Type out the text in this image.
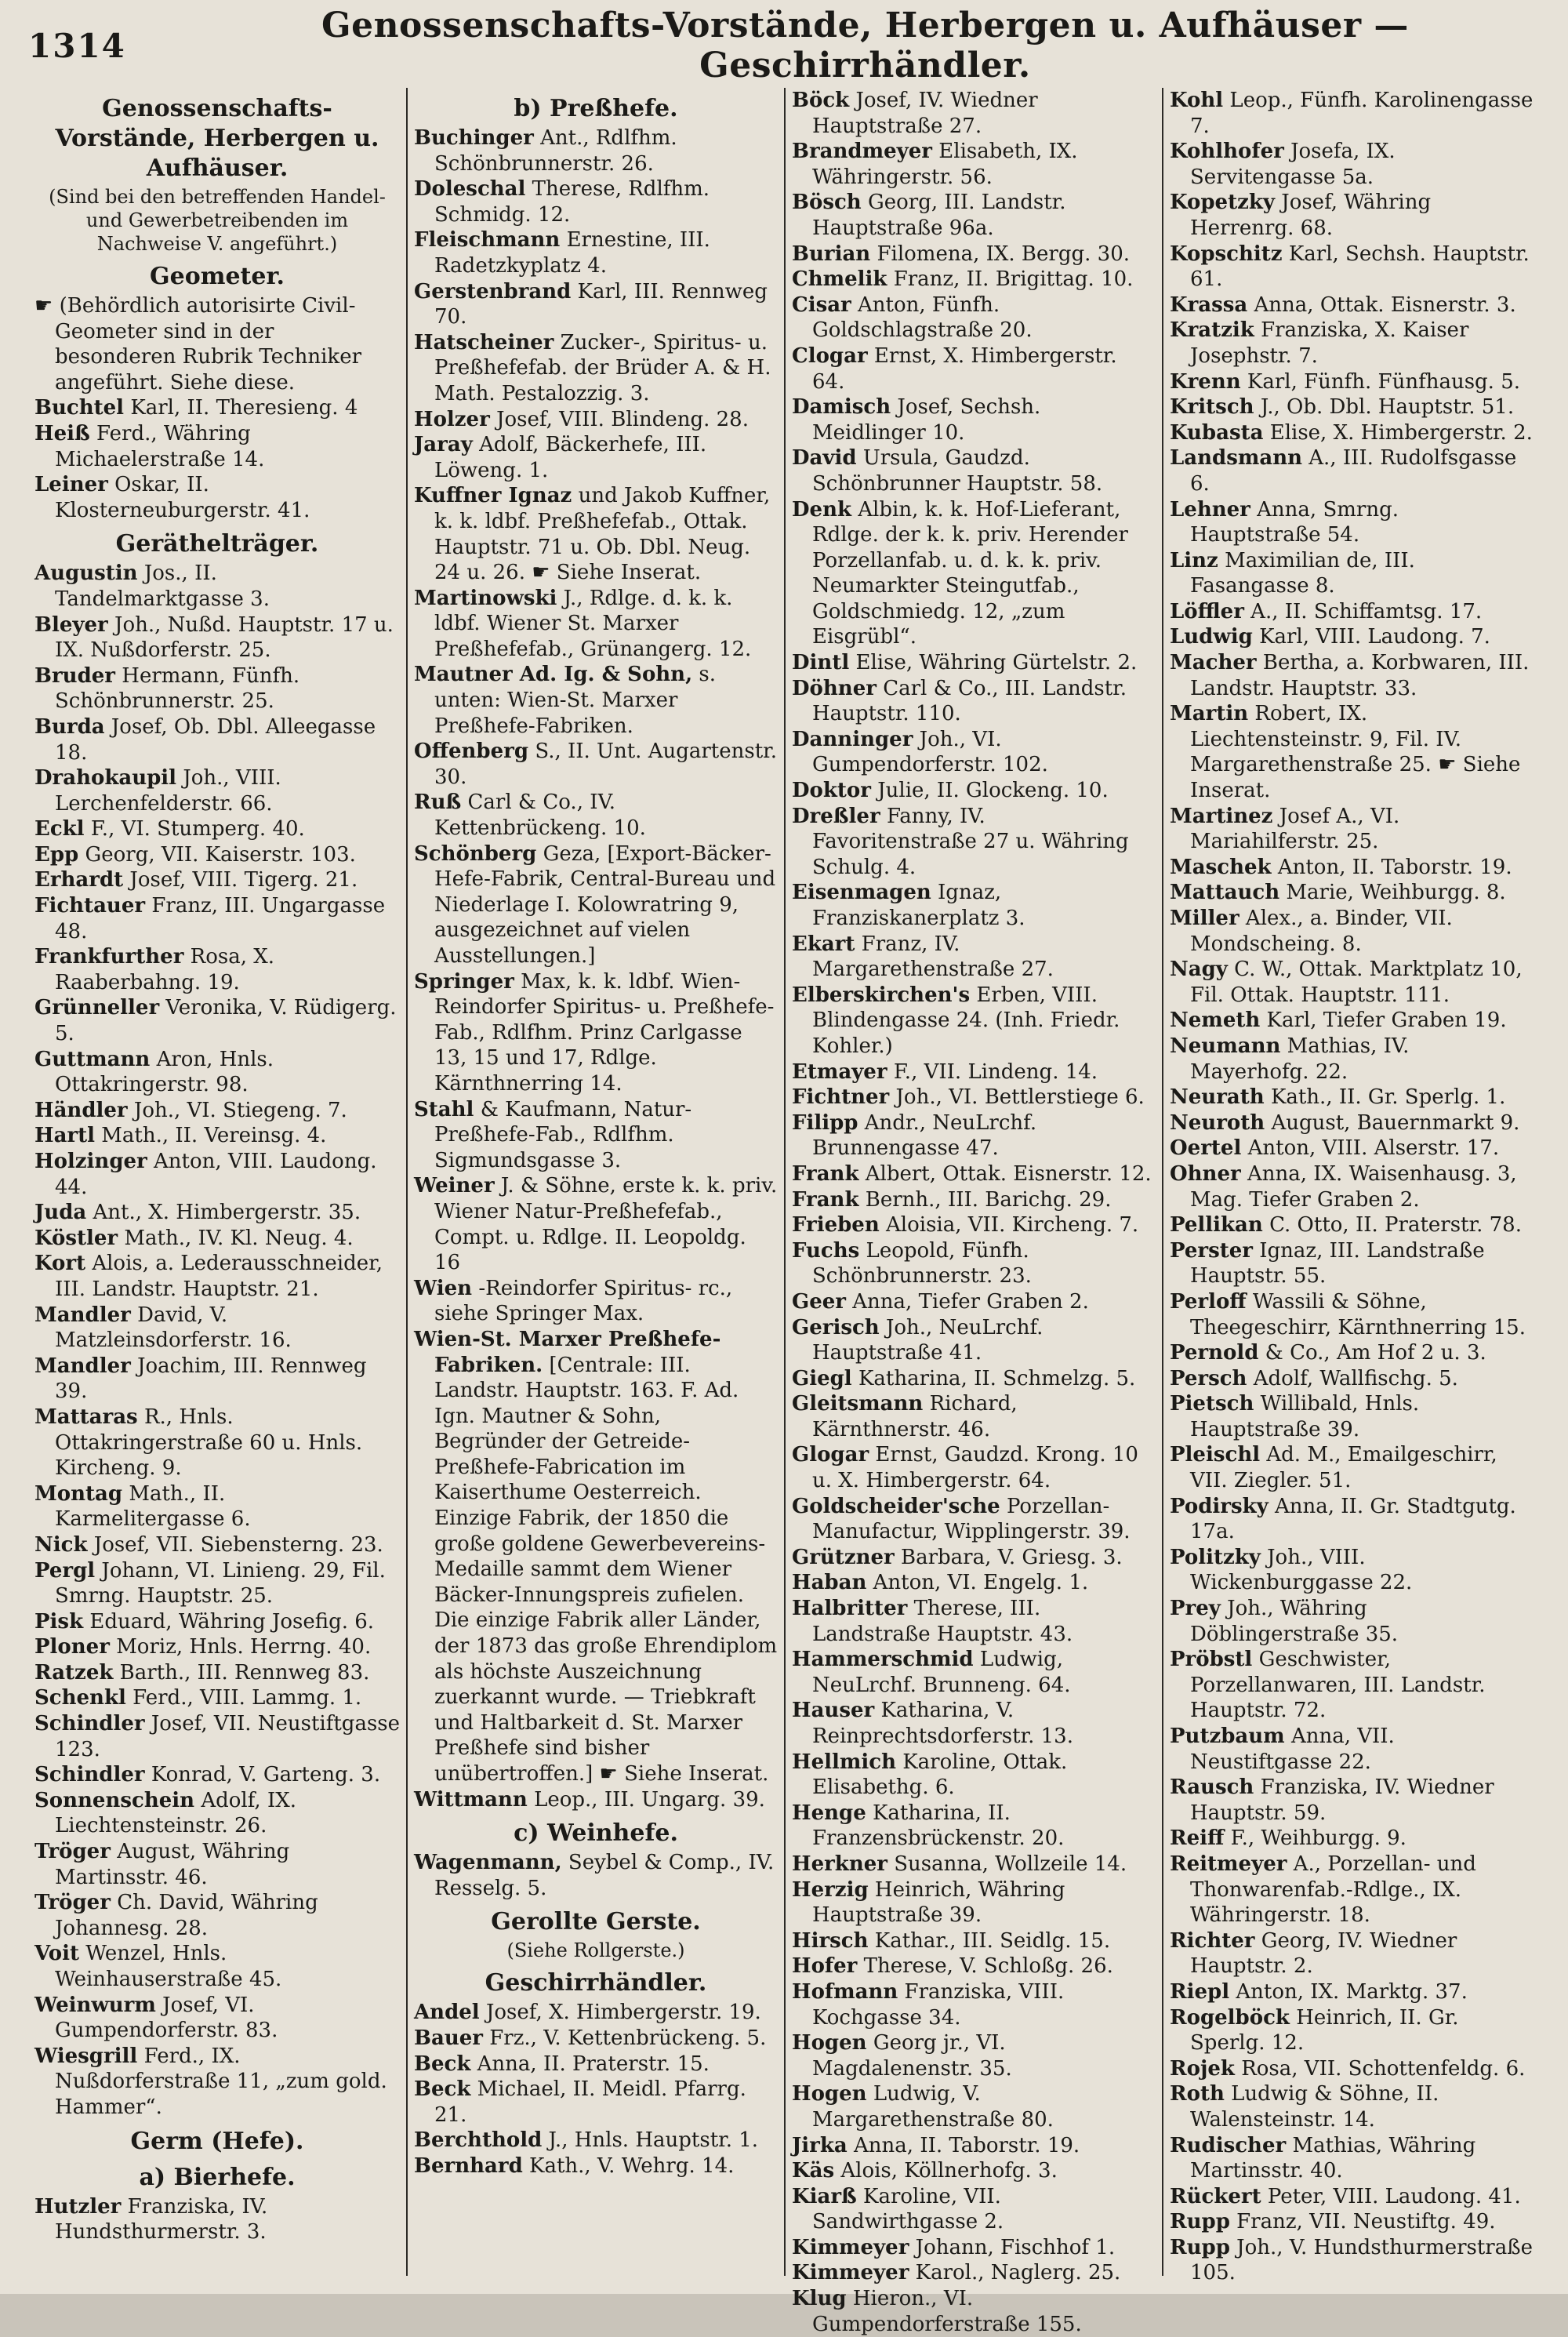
1314	Genossenschafts-Vorstände, Herbergen u. Aufhäuser — Geschirrhändler.
Genossenschafts-Vorstände, Herbergen u. Aufhäuser.
(Sind bei den betreffenden Handel- und Gewerbetreibenden im Nachweise V. angeführt.)
Geometer.
☛ (Behördlich autorisirte Civil-Geometer sind in der besonderen Rubrik Techniker angeführt. Siehe diese.
Buchtel Karl, II. Theresieng. 4
Heiß Ferd., Währing Michaelerstraße 14.
Leiner Oskar, II. Klosterneuburgerstr. 41.
Geräthelträger.
Augustin Jos., II. Tandelmarktgasse 3.
Bleyer Joh., Nußd. Hauptstr. 17 u. IX. Nußdorferstr. 25.
Bruder Hermann, Fünfh. Schönbrunnerstr. 25.
Burda Josef, Ob. Dbl. Alleegasse 18.
Drahokaupil Joh., VIII. Lerchenfelderstr. 66.
Eckl F., VI. Stumperg. 40.
Epp Georg, VII. Kaiserstr. 103.
Erhardt Josef, VIII. Tigerg. 21.
Fichtauer Franz, III. Ungargasse 48.
Frankfurther Rosa, X. Raaberbahng. 19.
Grünneller Veronika, V. Rüdigerg. 5.
Guttmann Aron, Hnls. Ottakringerstr. 98.
Händler Joh., VI. Stiegeng. 7.
Hartl Math., II. Vereinsg. 4.
Holzinger Anton, VIII. Laudong. 44.
Juda Ant., X. Himbergerstr. 35.
Köstler Math., IV. Kl. Neug. 4.
Kort Alois, a. Lederausschneider, III. Landstr. Hauptstr. 21.
Mandler David, V. Matzleinsdorferstr. 16.
Mandler Joachim, III. Rennweg 39.
Mattaras R., Hnls. Ottakringerstraße 60 u. Hnls. Kircheng. 9.
Montag Math., II. Karmelitergasse 6.
Nick Josef, VII. Siebensterng. 23.
Pergl Johann, VI. Linieng. 29, Fil. Smrng. Hauptstr. 25.
Pisk Eduard, Währing Josefig. 6.
Ploner Moriz, Hnls. Herrng. 40.
Ratzek Barth., III. Rennweg 83.
Schenkl Ferd., VIII. Lammg. 1.
Schindler Josef, VII. Neustiftgasse 123.
Schindler Konrad, V. Garteng. 3.
Sonnenschein Adolf, IX. Liechtensteinstr. 26.
Tröger August, Währing Martinsstr. 46.
Tröger Ch. David, Währing Johannesg. 28.
Voit Wenzel, Hnls. Weinhauserstraße 45.
Weinwurm Josef, VI. Gumpendorferstr. 83.
Wiesgrill Ferd., IX. Nußdorferstraße 11, „zum gold. Hammer“.
Germ (Hefe).
a) Bierhefe.
Hutzler Franziska, IV. Hundsthurmerstr. 3.
b) Preßhefe.
Buchinger Ant., Rdlfhm. Schönbrunnerstr. 26.
Doleschal Therese, Rdlfhm. Schmidg. 12.
Fleischmann Ernestine, III. Radetzkyplatz 4.
Gerstenbrand Karl, III. Rennweg 70.
Hatscheiner Zucker-, Spiritus- u. Preßhefefab. der Brüder A. & H. Math. Pestalozzig. 3.
Holzer Josef, VIII. Blindeng. 28.
Jaray Adolf, Bäckerhefe, III. Löweng. 1.
Kuffner Ignaz und Jakob Kuffner, k. k. ldbf. Preßhefefab., Ottak. Hauptstr. 71 u. Ob. Dbl. Neug. 24 u. 26. ☛ Siehe Inserat.
Martinowski J., Rdlge. d. k. k. ldbf. Wiener St. Marxer Preßhefefab., Grünangerg. 12.
Mautner Ad. Ig. & Sohn, s. unten: Wien-St. Marxer Preßhefe-Fabriken.
Offenberg S., II. Unt. Augartenstr. 30.
Ruß Carl & Co., IV. Kettenbrückeng. 10.
Schönberg Geza, [Export-Bäcker-Hefe-Fabrik, Central-Bureau und Niederlage I. Kolowratring 9, ausgezeichnet auf vielen Ausstellungen.]
Springer Max, k. k. ldbf. Wien-Reindorfer Spiritus- u. Preßhefe-Fab., Rdlfhm. Prinz Carlgasse 13, 15 und 17, Rdlge. Kärnthnerring 14.
Stahl & Kaufmann, Natur-Preßhefe-Fab., Rdlfhm. Sigmundsgasse 3.
Weiner J. & Söhne, erste k. k. priv. Wiener Natur-Preßhefefab., Compt. u. Rdlge. II. Leopoldg. 16
Wien -Reindorfer Spiritus- rc., siehe Springer Max.
Wien-St. Marxer Preßhefe-Fabriken. [Centrale: III. Landstr. Hauptstr. 163. F. Ad. Ign. Mautner & Sohn, Begründer der Getreide-Preßhefe-Fabrication im Kaiserthume Oesterreich. Einzige Fabrik, der 1850 die große goldene Gewerbevereins-Medaille sammt dem Wiener Bäcker-Innungspreis zufielen. Die einzige Fabrik aller Länder, der 1873 das große Ehrendiplom als höchste Auszeichnung zuerkannt wurde. — Triebkraft und Haltbarkeit d. St. Marxer Preßhefe sind bisher unübertroffen.] ☛ Siehe Inserat.
Wittmann Leop., III. Ungarg. 39.
c) Weinhefe.
Wagenmann, Seybel & Comp., IV. Resselg. 5.
Gerollte Gerste.
(Siehe Rollgerste.)
Geschirrhändler.
Andel Josef, X. Himbergerstr. 19.
Bauer Frz., V. Kettenbrückeng. 5.
Beck Anna, II. Praterstr. 15.
Beck Michael, II. Meidl. Pfarrg. 21.
Berchthold J., Hnls. Hauptstr. 1.
Bernhard Kath., V. Wehrg. 14.
Böck Josef, IV. Wiedner Hauptstraße 27.
Brandmeyer Elisabeth, IX. Währingerstr. 56.
Bösch Georg, III. Landstr. Hauptstraße 96a.
Burian Filomena, IX. Bergg. 30.
Chmelik Franz, II. Brigittag. 10.
Cisar Anton, Fünfh. Goldschlagstraße 20.
Clogar Ernst, X. Himbergerstr. 64.
Damisch Josef, Sechsh. Meidlinger 10.
David Ursula, Gaudzd. Schönbrunner Hauptstr. 58.
Denk Albin, k. k. Hof-Lieferant, Rdlge. der k. k. priv. Herender Porzellanfab. u. d. k. k. priv. Neumarkter Steingutfab., Goldschmiedg. 12, „zum Eisgrübl“.
Dintl Elise, Währing Gürtelstr. 2.
Döhner Carl & Co., III. Landstr. Hauptstr. 110.
Danninger Joh., VI. Gumpendorferstr. 102.
Doktor Julie, II. Glockeng. 10.
Dreßler Fanny, IV. Favoritenstraße 27 u. Währing Schulg. 4.
Eisenmagen Ignaz, Franziskanerplatz 3.
Ekart Franz, IV. Margarethenstraße 27.
Elberskirchen's Erben, VIII. Blindengasse 24. (Inh. Friedr. Kohler.)
Etmayer F., VII. Lindeng. 14.
Fichtner Joh., VI. Bettlerstiege 6.
Filipp Andr., NeuLrchf. Brunnengasse 47.
Frank Albert, Ottak. Eisnerstr. 12.
Frank Bernh., III. Barichg. 29.
Frieben Aloisia, VII. Kircheng. 7.
Fuchs Leopold, Fünfh. Schönbrunnerstr. 23.
Geer Anna, Tiefer Graben 2.
Gerisch Joh., NeuLrchf. Hauptstraße 41.
Giegl Katharina, II. Schmelzg. 5.
Gleitsmann Richard, Kärnthnerstr. 46.
Glogar Ernst, Gaudzd. Krong. 10 u. X. Himbergerstr. 64.
Goldscheider'sche Porzellan-Manufactur, Wipplingerstr. 39.
Grützner Barbara, V. Griesg. 3.
Haban Anton, VI. Engelg. 1.
Halbritter Therese, III. Landstraße Hauptstr. 43.
Hammerschmid Ludwig, NeuLrchf. Brunneng. 64.
Hauser Katharina, V. Reinprechtsdorferstr. 13.
Hellmich Karoline, Ottak. Elisabethg. 6.
Henge Katharina, II. Franzensbrückenstr. 20.
Herkner Susanna, Wollzeile 14.
Herzig Heinrich, Währing Hauptstraße 39.
Hirsch Kathar., III. Seidlg. 15.
Hofer Therese, V. Schloßg. 26.
Hofmann Franziska, VIII. Kochgasse 34.
Hogen Georg jr., VI. Magdalenenstr. 35.
Hogen Ludwig, V. Margarethenstraße 80.
Jirka Anna, II. Taborstr. 19.
Käs Alois, Köllnerhofg. 3.
Kiarß Karoline, VII. Sandwirthgasse 2.
Kimmeyer Johann, Fischhof 1.
Kimmeyer Karol., Naglerg. 25.
Klug Hieron., VI. Gumpendorferstraße 155.
Kohl Leop., Fünfh. Karolinengasse 7.
Kohlhofer Josefa, IX. Servitengasse 5a.
Kopetzky Josef, Währing Herrenrg. 68.
Kopschitz Karl, Sechsh. Hauptstr. 61.
Krassa Anna, Ottak. Eisnerstr. 3.
Kratzik Franziska, X. Kaiser Josephstr. 7.
Krenn Karl, Fünfh. Fünfhausg. 5.
Kritsch J., Ob. Dbl. Hauptstr. 51.
Kubasta Elise, X. Himbergerstr. 2.
Landsmann A., III. Rudolfsgasse 6.
Lehner Anna, Smrng. Hauptstraße 54.
Linz Maximilian de, III. Fasangasse 8.
Löffler A., II. Schiffamtsg. 17.
Ludwig Karl, VIII. Laudong. 7.
Macher Bertha, a. Korbwaren, III. Landstr. Hauptstr. 33.
Martin Robert, IX. Liechtensteinstr. 9, Fil. IV. Margarethenstraße 25. ☛ Siehe Inserat.
Martinez Josef A., VI. Mariahilferstr. 25.
Maschek Anton, II. Taborstr. 19.
Mattauch Marie, Weihburgg. 8.
Miller Alex., a. Binder, VII. Mondscheing. 8.
Nagy C. W., Ottak. Marktplatz 10, Fil. Ottak. Hauptstr. 111.
Nemeth Karl, Tiefer Graben 19.
Neumann Mathias, IV. Mayerhofg. 22.
Neurath Kath., II. Gr. Sperlg. 1.
Neuroth August, Bauernmarkt 9.
Oertel Anton, VIII. Alserstr. 17.
Ohner Anna, IX. Waisenhausg. 3, Mag. Tiefer Graben 2.
Pellikan C. Otto, II. Praterstr. 78.
Perster Ignaz, III. Landstraße Hauptstr. 55.
Perloff Wassili & Söhne, Theegeschirr, Kärnthnerring 15.
Pernold & Co., Am Hof 2 u. 3.
Persch Adolf, Wallfischg. 5.
Pietsch Willibald, Hnls. Hauptstraße 39.
Pleischl Ad. M., Emailgeschirr, VII. Ziegler. 51.
Podirsky Anna, II. Gr. Stadtgutg. 17a.
Politzky Joh., VIII. Wickenburggasse 22.
Prey Joh., Währing Döblingerstraße 35.
Pröbstl Geschwister, Porzellanwaren, III. Landstr. Hauptstr. 72.
Putzbaum Anna, VII. Neustiftgasse 22.
Rausch Franziska, IV. Wiedner Hauptstr. 59.
Reiff F., Weihburgg. 9.
Reitmeyer A., Porzellan- und Thonwarenfab.-Rdlge., IX. Währingerstr. 18.
Richter Georg, IV. Wiedner Hauptstr. 2.
Riepl Anton, IX. Marktg. 37.
Rogelböck Heinrich, II. Gr. Sperlg. 12.
Rojek Rosa, VII. Schottenfeldg. 6.
Roth Ludwig & Söhne, II. Walensteinstr. 14.
Rudischer Mathias, Währing Martinsstr. 40.
Rückert Peter, VIII. Laudong. 41.
Rupp Franz, VII. Neustiftg. 49.
Rupp Joh., V. Hundsthurmerstraße 105.
